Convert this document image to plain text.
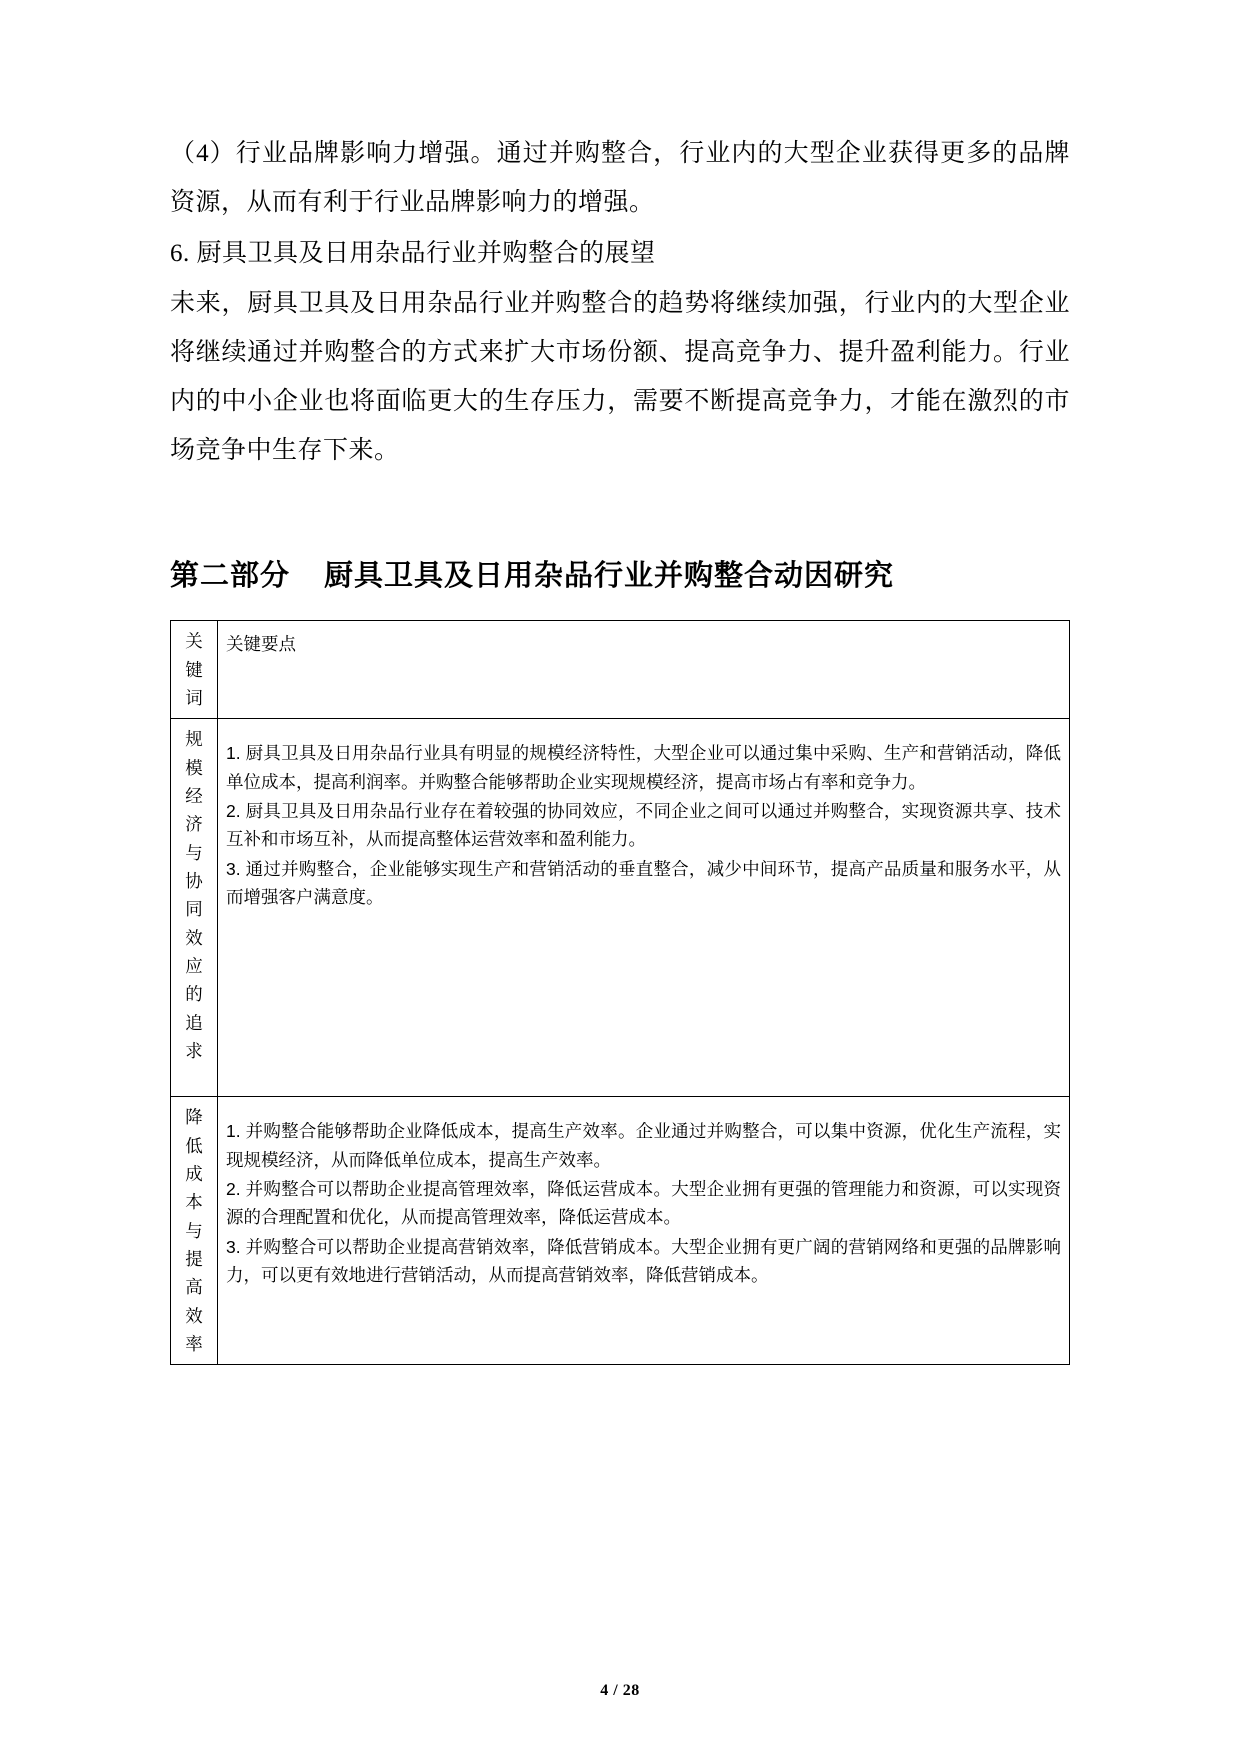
（4）行业品牌影响力增强。通过并购整合，行业内的大型企业获得更多的品牌资源，从而有利于行业品牌影响力的增强。
6. 厨具卫具及日用杂品行业并购整合的展望
未来，厨具卫具及日用杂品行业并购整合的趋势将继续加强，行业内的大型企业将继续通过并购整合的方式来扩大市场份额、提高竞争力、提升盈利能力。行业内的中小企业也将面临更大的生存压力，需要不断提高竞争力，才能在激烈的市场竞争中生存下来。
第二部分 厨具卫具及日用杂品行业并购整合动因研究
关键词	关键要点

规模经济与协同效应的追求	1. 厨具卫具及日用杂品行业具有明显的规模经济特性，大型企业可以通过集中采购、生产和营销活动，降低单位成本，提高利润率。并购整合能够帮助企业实现规模经济，提高市场占有率和竞争力。
2. 厨具卫具及日用杂品行业存在着较强的协同效应，不同企业之间可以通过并购整合，实现资源共享、技术互补和市场互补，从而提高整体运营效率和盈利能力。
3. 通过并购整合，企业能够实现生产和营销活动的垂直整合，减少中间环节，提高产品质量和服务水平，从而增强客户满意度。

降低成本与提高效率	1. 并购整合能够帮助企业降低成本，提高生产效率。企业通过并购整合，可以集中资源，优化生产流程，实现规模经济，从而降低单位成本，提高生产效率。
2. 并购整合可以帮助企业提高管理效率，降低运营成本。大型企业拥有更强的管理能力和资源，可以实现资源的合理配置和优化，从而提高管理效率，降低运营成本。
3. 并购整合可以帮助企业提高营销效率，降低营销成本。大型企业拥有更广阔的营销网络和更强的品牌影响力，可以更有效地进行营销活动，从而提高营销效率，降低营销成本。
4 / 28
